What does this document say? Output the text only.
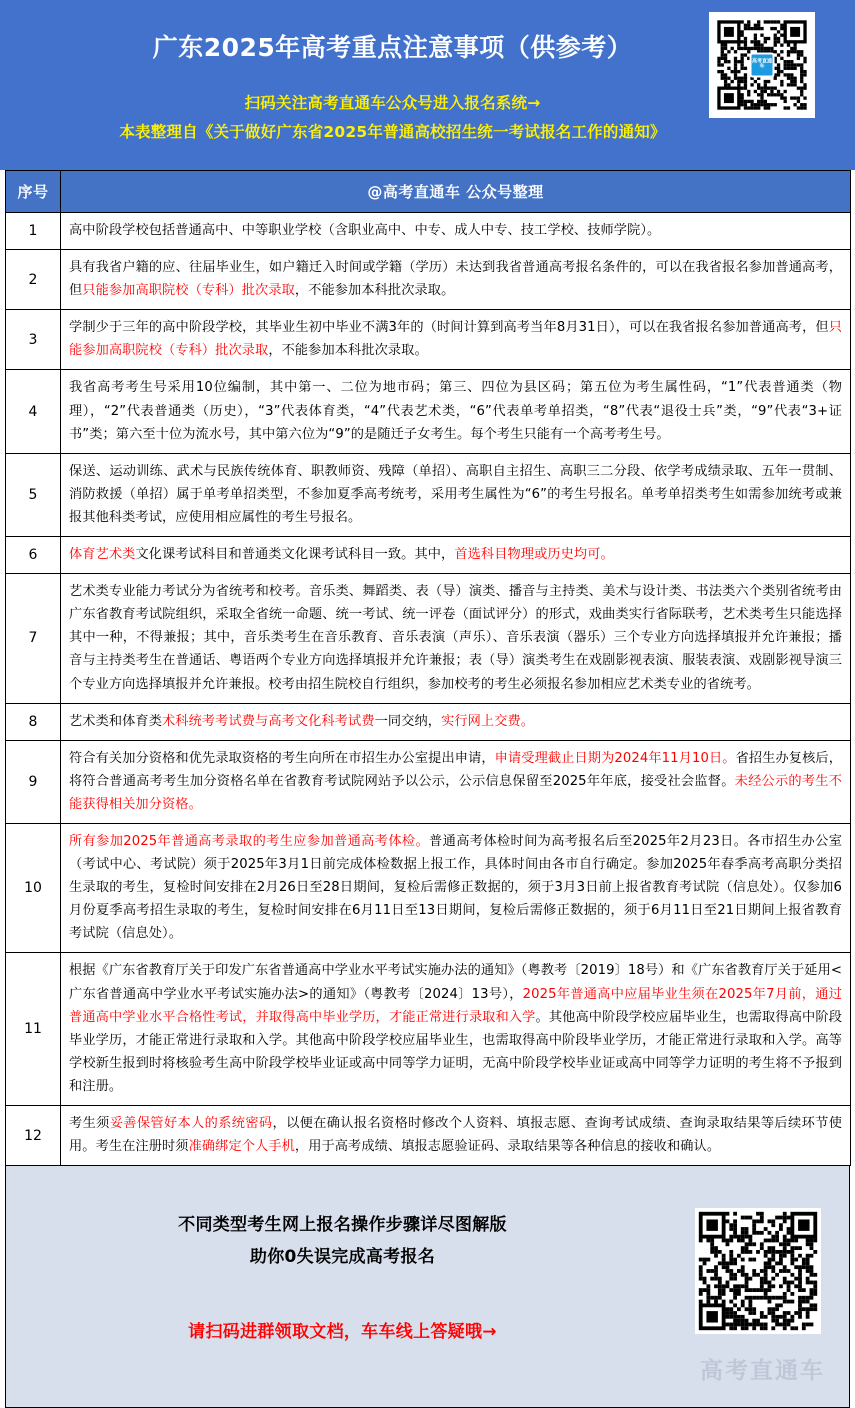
广东2025年高考重点注意事项（供参考）
扫码关注高考直通车公众号进入报名系统→
本表整理自《关于做好广东省2025年普通高校招生统一考试报名工作的通知》
高考直通车
序号	@高考直通车 公众号整理
1	高中阶段学校包括普通高中、中等职业学校（含职业高中、中专、成人中专、技工学校、技师学院）。
2	具有我省户籍的应、往届毕业生，如户籍迁入时间或学籍（学历）未达到我省普通高考报名条件的，可以在我省报名参加普通高考，但只能参加高职院校（专科）批次录取，不能参加本科批次录取。
3	学制少于三年的高中阶段学校，其毕业生初中毕业不满3年的（时间计算到高考当年8月31日），可以在我省报名参加普通高考，但只能参加高职院校（专科）批次录取，不能参加本科批次录取。
4	我省高考考生号采用10位编制，其中第一、二位为地市码；第三、四位为县区码；第五位为考生属性码，“1”代表普通类（物理），“2”代表普通类（历史），“3”代表体育类，“4”代表艺术类，“6”代表单考单招类，“8”代表“退役士兵”类，“9”代表“3+证书”类；第六至十位为流水号，其中第六位为“9”的是随迁子女考生。每个考生只能有一个高考考生号。
5	保送、运动训练、武术与民族传统体育、职教师资、残障（单招）、高职自主招生、高职三二分段、依学考成绩录取、五年一贯制、消防救援（单招）属于单考单招类型，不参加夏季高考统考，采用考生属性为“6”的考生号报名。单考单招类考生如需参加统考或兼报其他科类考试，应使用相应属性的考生号报名。
6	体育艺术类文化课考试科目和普通类文化课考试科目一致。其中，首选科目物理或历史均可。
7	艺术类专业能力考试分为省统考和校考。音乐类、舞蹈类、表（导）演类、播音与主持类、美术与设计类、书法类六个类别省统考由广东省教育考试院组织，采取全省统一命题、统一考试、统一评卷（面试评分）的形式，戏曲类实行省际联考，艺术类考生只能选择其中一种，不得兼报；其中，音乐类考生在音乐教育、音乐表演（声乐）、音乐表演（器乐）三个专业方向选择填报并允许兼报；播音与主持类考生在普通话、粤语两个专业方向选择填报并允许兼报；表（导）演类考生在戏剧影视表演、服装表演、戏剧影视导演三个专业方向选择填报并允许兼报。校考由招生院校自行组织，参加校考的考生必须报名参加相应艺术类专业的省统考。
8	艺术类和体育类术科统考考试费与高考文化科考试费一同交纳，实行网上交费。
9	符合有关加分资格和优先录取资格的考生向所在市招生办公室提出申请，申请受理截止日期为2024年11月10日。省招生办复核后，将符合普通高考考生加分资格名单在省教育考试院网站予以公示，公示信息保留至2025年年底，接受社会监督。未经公示的考生不能获得相关加分资格。
10	所有参加2025年普通高考录取的考生应参加普通高考体检。普通高考体检时间为高考报名后至2025年2月23日。各市招生办公室（考试中心、考试院）须于2025年3月1日前完成体检数据上报工作，具体时间由各市自行确定。参加2025年春季高考高职分类招生录取的考生，复检时间安排在2月26日至28日期间，复检后需修正数据的，须于3月3日前上报省教育考试院（信息处）。仅参加6月份夏季高考招生录取的考生，复检时间安排在6月11日至13日期间，复检后需修正数据的，须于6月11日至21日期间上报省教育考试院（信息处）。
11	根据《广东省教育厅关于印发广东省普通高中学业水平考试实施办法的通知》（粤教考〔2019〕18号）和《广东省教育厅关于延用<广东省普通高中学业水平考试实施办法>的通知》（粤教考〔2024〕13号），2025年普通高中应届毕业生须在2025年7月前，通过普通高中学业水平合格性考试，并取得高中毕业学历，才能正常进行录取和入学。其他高中阶段学校应届毕业生，也需取得高中阶段毕业学历，才能正常进行录取和入学。其他高中阶段学校应届毕业生，也需取得高中阶段毕业学历，才能正常进行录取和入学。高等学校新生报到时将核验考生高中阶段学校毕业证或高中同等学力证明，无高中阶段学校毕业证或高中同等学力证明的考生将不予报到和注册。
12	考生须妥善保管好本人的系统密码，以便在确认报名资格时修改个人资料、填报志愿、查询考试成绩、查询录取结果等后续环节使用。考生在注册时须准确绑定个人手机，用于高考成绩、填报志愿验证码、录取结果等各种信息的接收和确认。
不同类型考生网上报名操作步骤详尽图解版
助你0失误完成高考报名
请扫码进群领取文档，车车线上答疑哦→
高考直通车
